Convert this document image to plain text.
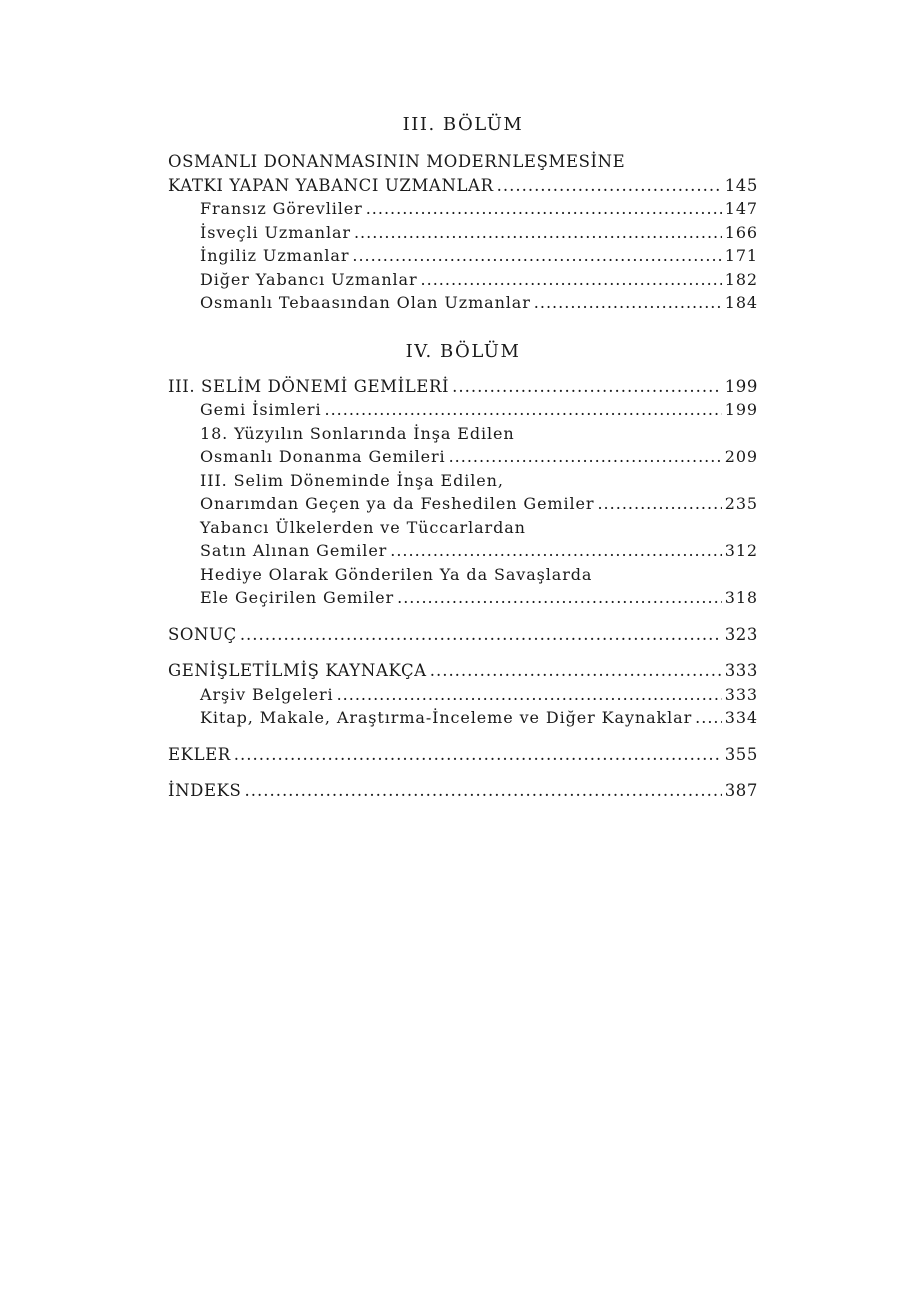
III. BÖLÜM
OSMANLI DONANMASININ MODERNLEŞMESİNE
KATKI YAPAN YABANCI UZMANLAR .....	145
Fransız Görevliler .....	147
İsveçli Uzmanlar .....	166
İngiliz Uzmanlar .....	171
Diğer Yabancı Uzmanlar .....	182
Osmanlı Tebaasından Olan Uzmanlar .....	184
IV. BÖLÜM
III. SELİM DÖNEMİ GEMİLERİ .....	199
Gemi İsimleri .....	199
18. Yüzyılın Sonlarında İnşa Edilen
Osmanlı Donanma Gemileri .....	209
III. Selim Döneminde İnşa Edilen,
Onarımdan Geçen ya da Feshedilen Gemiler .....	235
Yabancı Ülkelerden ve Tüccarlardan
Satın Alınan Gemiler .....	312
Hediye Olarak Gönderilen Ya da Savaşlarda
Ele Geçirilen Gemiler .....	318
SONUÇ .....	323
GENİŞLETİLMİŞ KAYNAKÇA .....	333
Arşiv Belgeleri .....	333
Kitap, Makale, Araştırma-İnceleme ve Diğer Kaynaklar ..... 334
EKLER .....	355
İNDEKS .....	387
